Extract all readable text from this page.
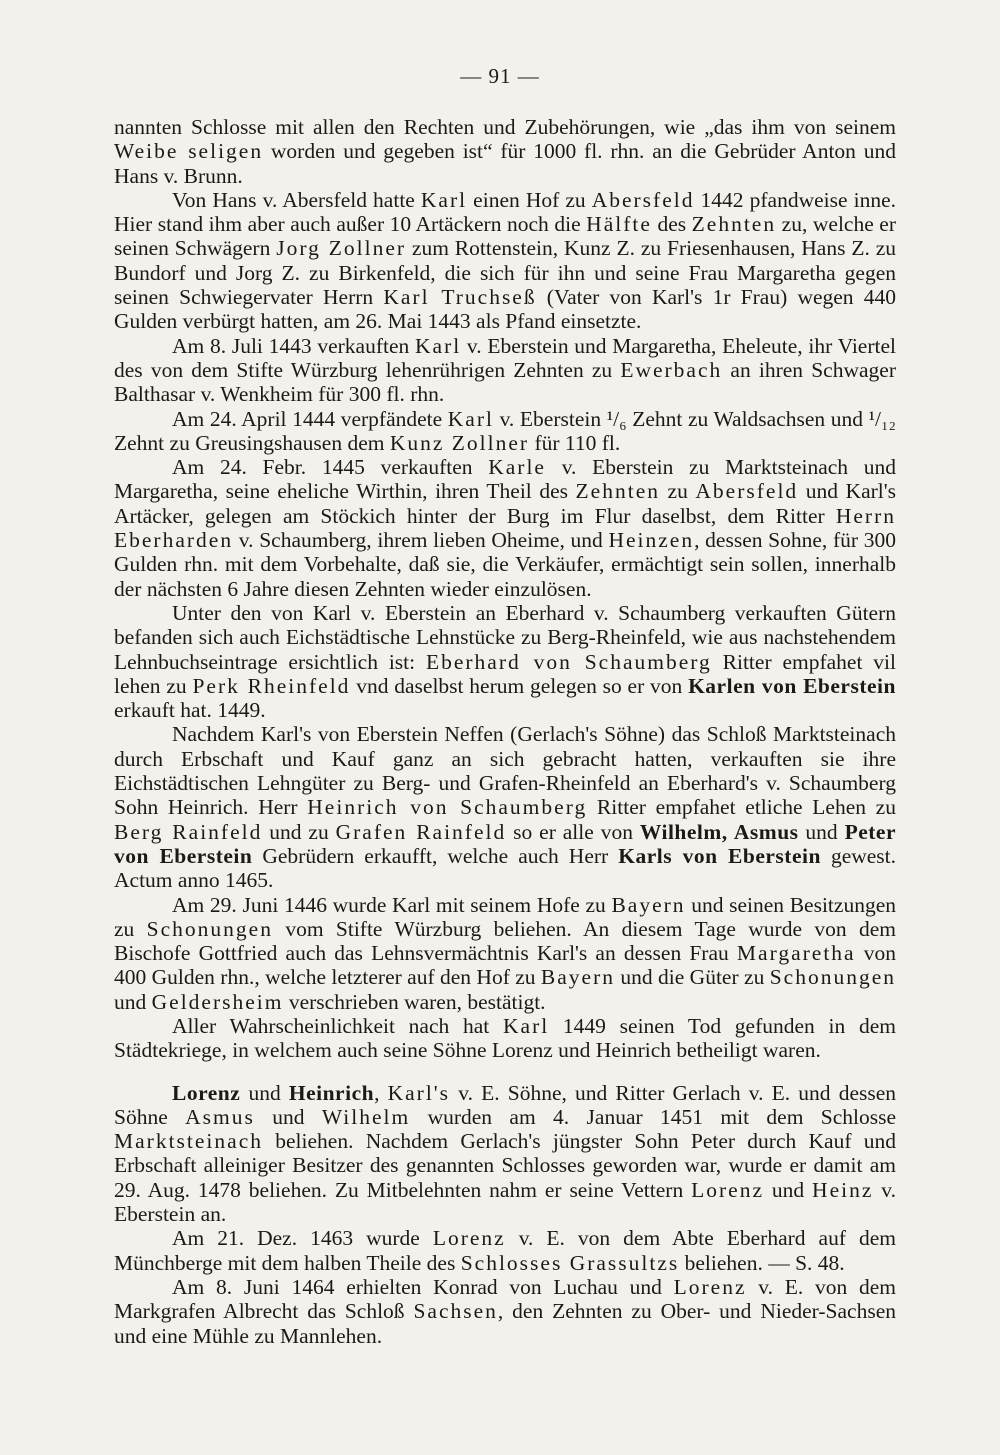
— 91 —

nannten Schlosse mit allen den Rechten und Zubehörungen, wie „das ihm von seinem Weibe seligen worden und gegeben ist“ für 1000 fl. rhn. an die Gebrüder Anton und Hans v. Brunn.

Von Hans v. Abersfeld hatte Karl einen Hof zu Abersfeld 1442 pfandweise inne. Hier stand ihm aber auch außer 10 Artäckern noch die Hälfte des Zehnten zu, welche er seinen Schwägern Jorg Zollner zum Rottenstein, Kunz Z. zu Friesenhausen, Hans Z. zu Bundorf und Jorg Z. zu Birkenfeld, die sich für ihn und seine Frau Margaretha gegen seinen Schwiegervater Herrn Karl Truchseß (Vater von Karl's 1r Frau) wegen 440 Gulden verbürgt hatten, am 26. Mai 1443 als Pfand einsetzte.

Am 8. Juli 1443 verkauften Karl v. Eberstein und Margaretha, Eheleute, ihr Viertel des von dem Stifte Würzburg lehenrührigen Zehnten zu Ewerbach an ihren Schwager Balthasar v. Wenkheim für 300 fl. rhn.

Am 24. April 1444 verpfändete Karl v. Eberstein ¹/₆ Zehnt zu Waldsachsen und ¹/₁₂ Zehnt zu Greusingshausen dem Kunz Zollner für 110 fl.

Am 24. Febr. 1445 verkauften Karle v. Eberstein zu Marktsteinach und Margaretha, seine eheliche Wirthin, ihren Theil des Zehnten zu Abersfeld und Karl's Artäcker, gelegen am Stöckich hinter der Burg im Flur daselbst, dem Ritter Herrn Eberharden v. Schaumberg, ihrem lieben Oheime, und Heinzen, dessen Sohne, für 300 Gulden rhn. mit dem Vorbehalte, daß sie, die Verkäufer, ermächtigt sein sollen, innerhalb der nächsten 6 Jahre diesen Zehnten wieder einzulösen.

Unter den von Karl v. Eberstein an Eberhard v. Schaumberg verkauften Gütern befanden sich auch Eichstädtische Lehnstücke zu Berg-Rheinfeld, wie aus nachstehendem Lehnbuchseintrage ersichtlich ist: Eberhard von Schaumberg Ritter empfahet vil lehen zu Perk Rheinfeld vnd daselbst herum gelegen so er von Karlen von Eberstein erkauft hat. 1449.

Nachdem Karl's von Eberstein Neffen (Gerlach's Söhne) das Schloß Marktsteinach durch Erbschaft und Kauf ganz an sich gebracht hatten, verkauften sie ihre Eichstädtischen Lehngüter zu Berg- und Grafen-Rheinfeld an Eberhard's v. Schaumberg Sohn Heinrich. Herr Heinrich von Schaumberg Ritter empfahet etliche Lehen zu Berg Rainfeld und zu Grafen Rainfeld so er alle von Wilhelm, Asmus und Peter von Eberstein Gebrüdern erkaufft, welche auch Herr Karls von Eberstein gewest. Actum anno 1465.

Am 29. Juni 1446 wurde Karl mit seinem Hofe zu Bayern und seinen Besitzungen zu Schonungen vom Stifte Würzburg beliehen. An diesem Tage wurde von dem Bischofe Gottfried auch das Lehnsvermächtnis Karl's an dessen Frau Margaretha von 400 Gulden rhn., welche letzterer auf den Hof zu Bayern und die Güter zu Schonungen und Geldersheim verschrieben waren, bestätigt.

Aller Wahrscheinlichkeit nach hat Karl 1449 seinen Tod gefunden in dem Städtekriege, in welchem auch seine Söhne Lorenz und Heinrich betheiligt waren.

Lorenz und Heinrich, Karl's v. E. Söhne, und Ritter Gerlach v. E. und dessen Söhne Asmus und Wilhelm wurden am 4. Januar 1451 mit dem Schlosse Marktsteinach beliehen. Nachdem Gerlach's jüngster Sohn Peter durch Kauf und Erbschaft alleiniger Besitzer des genannten Schlosses geworden war, wurde er damit am 29. Aug. 1478 beliehen. Zu Mitbelehnten nahm er seine Vettern Lorenz und Heinz v. Eberstein an.

Am 21. Dez. 1463 wurde Lorenz v. E. von dem Abte Eberhard auf dem Münchberge mit dem halben Theile des Schlosses Grassultzs beliehen. — S. 48.

Am 8. Juni 1464 erhielten Konrad von Luchau und Lorenz v. E. von dem Markgrafen Albrecht das Schloß Sachsen, den Zehnten zu Ober- und Nieder-Sachsen und eine Mühle zu Mannlehen.
